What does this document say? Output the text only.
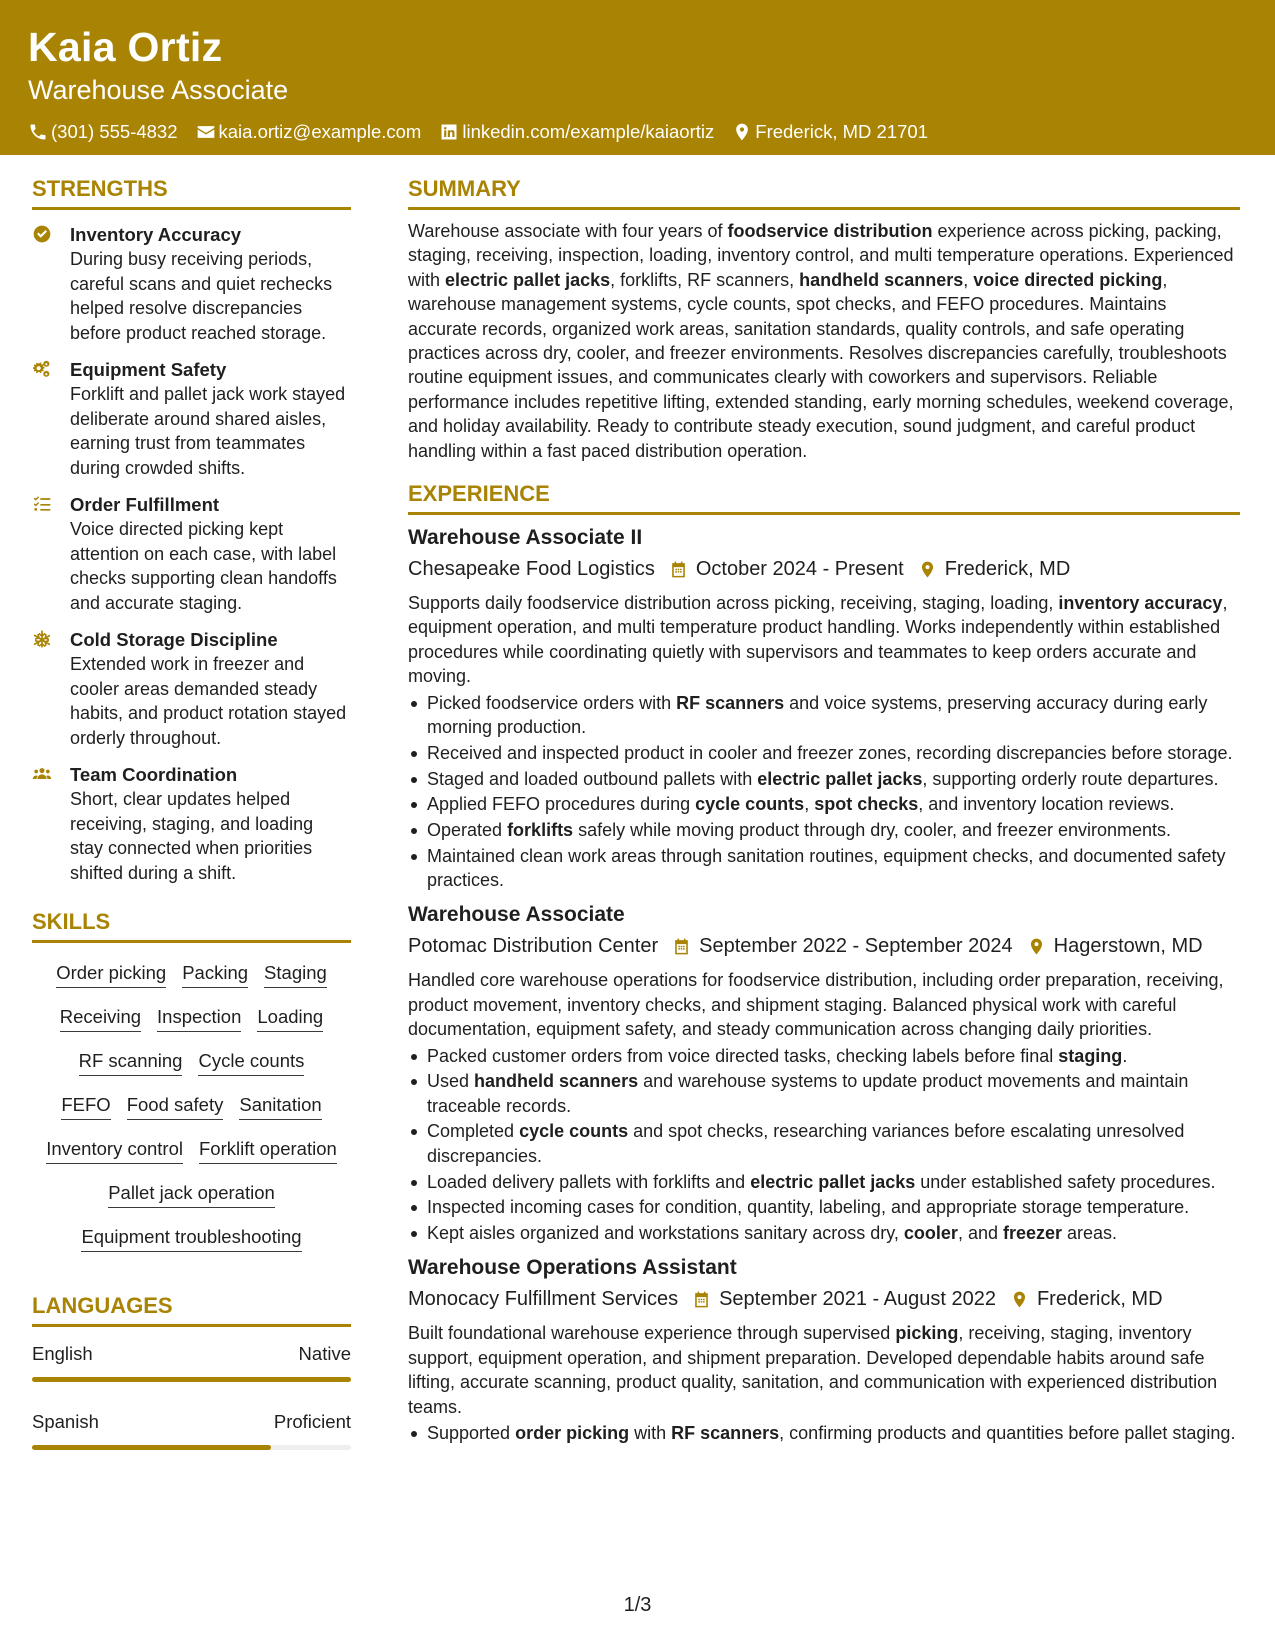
Kaia Ortiz
Warehouse Associate
(301) 555-4832 kaia.ortiz@example.com linkedin.com/example/kaiaortiz Frederick, MD 21701
STRENGTHS
Inventory Accuracy
During busy receiving periods, careful scans and quiet rechecks helped resolve discrepancies before product reached storage.
Equipment Safety
Forklift and pallet jack work stayed deliberate around shared aisles, earning trust from teammates during crowded shifts.
Order Fulfillment
Voice directed picking kept attention on each case, with label checks supporting clean handoffs and accurate staging.
Cold Storage Discipline
Extended work in freezer and cooler areas demanded steady habits, and product rotation stayed orderly throughout.
Team Coordination
Short, clear updates helped receiving, staging, and loading stay connected when priorities shifted during a shift.
SKILLS
Order picking Packing Staging
Receiving Inspection Loading
RF scanning Cycle counts
FEFO Food safety Sanitation
Inventory control Forklift operation
Pallet jack operation
Equipment troubleshooting
LANGUAGES
English	Native
Spanish	Proficient
SUMMARY
Warehouse associate with four years of foodservice distribution experience across picking, packing, staging, receiving, inspection, loading, inventory control, and multi temperature operations. Experienced with electric pallet jacks, forklifts, RF scanners, handheld scanners, voice directed picking, warehouse management systems, cycle counts, spot checks, and FEFO procedures. Maintains accurate records, organized work areas, sanitation standards, quality controls, and safe operating practices across dry, cooler, and freezer environments. Resolves discrepancies carefully, troubleshoots routine equipment issues, and communicates clearly with coworkers and supervisors. Reliable performance includes repetitive lifting, extended standing, early morning schedules, weekend coverage, and holiday availability. Ready to contribute steady execution, sound judgment, and careful product handling within a fast paced distribution operation.
EXPERIENCE
Warehouse Associate II
Chesapeake Food Logistics October 2024 - Present Frederick, MD
Supports daily foodservice distribution across picking, receiving, staging, loading, inventory accuracy, equipment operation, and multi temperature product handling. Works independently within established procedures while coordinating quietly with supervisors and teammates to keep orders accurate and moving.
Picked foodservice orders with RF scanners and voice systems, preserving accuracy during early morning production.
Received and inspected product in cooler and freezer zones, recording discrepancies before storage.
Staged and loaded outbound pallets with electric pallet jacks, supporting orderly route departures.
Applied FEFO procedures during cycle counts, spot checks, and inventory location reviews.
Operated forklifts safely while moving product through dry, cooler, and freezer environments.
Maintained clean work areas through sanitation routines, equipment checks, and documented safety practices.
Warehouse Associate
Potomac Distribution Center September 2022 - September 2024 Hagerstown, MD
Handled core warehouse operations for foodservice distribution, including order preparation, receiving, product movement, inventory checks, and shipment staging. Balanced physical work with careful documentation, equipment safety, and steady communication across changing daily priorities.
Packed customer orders from voice directed tasks, checking labels before final staging.
Used handheld scanners and warehouse systems to update product movements and maintain traceable records.
Completed cycle counts and spot checks, researching variances before escalating unresolved discrepancies.
Loaded delivery pallets with forklifts and electric pallet jacks under established safety procedures.
Inspected incoming cases for condition, quantity, labeling, and appropriate storage temperature.
Kept aisles organized and workstations sanitary across dry, cooler, and freezer areas.
Warehouse Operations Assistant
Monocacy Fulfillment Services September 2021 - August 2022 Frederick, MD
Built foundational warehouse experience through supervised picking, receiving, staging, inventory support, equipment operation, and shipment preparation. Developed dependable habits around safe lifting, accurate scanning, product quality, sanitation, and communication with experienced distribution teams.
Supported order picking with RF scanners, confirming products and quantities before pallet staging.
1/3
